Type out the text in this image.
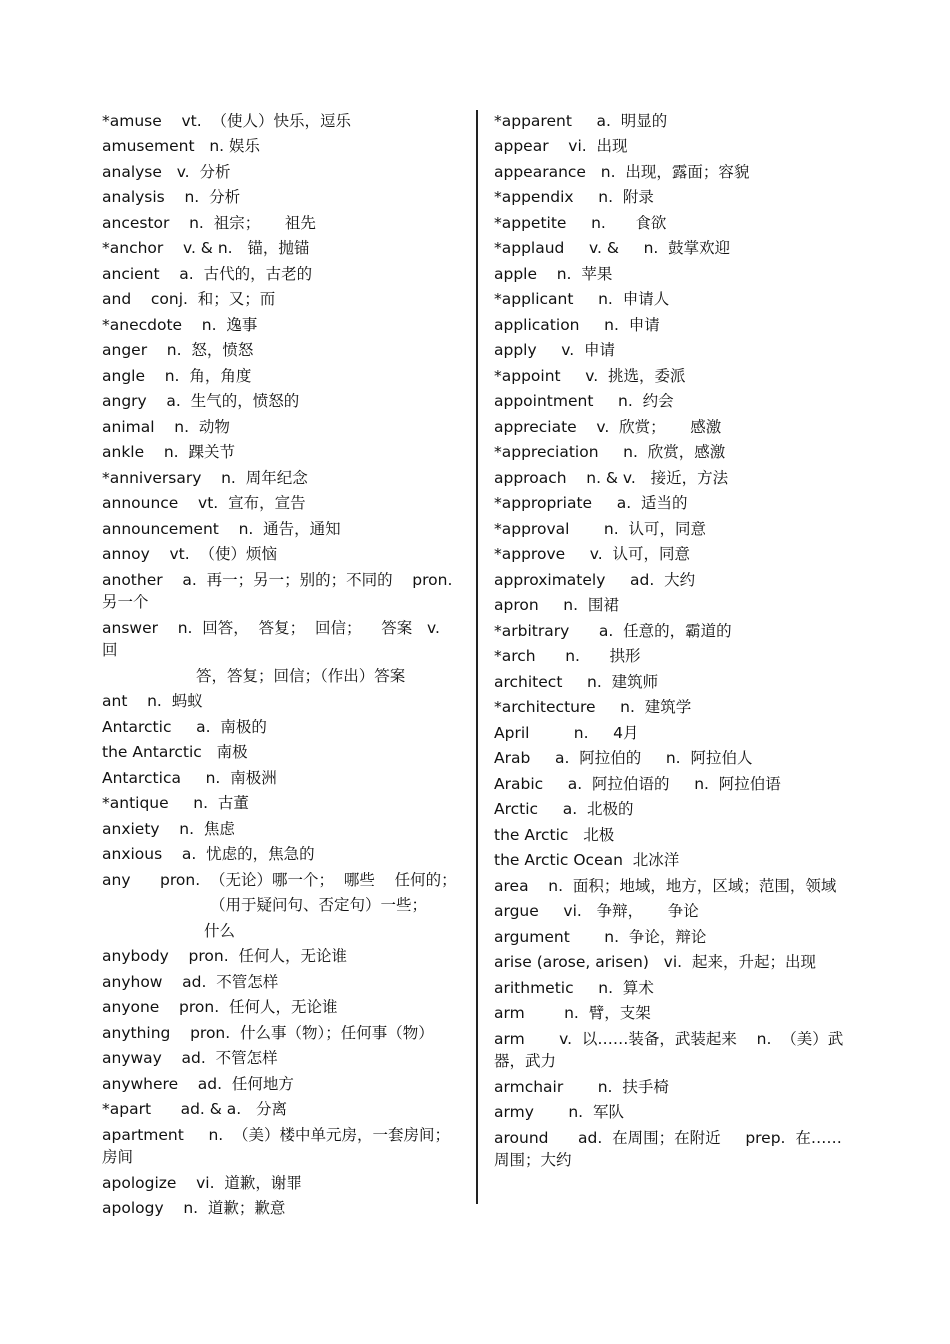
*amuse    vt.  （使人）快乐，逗乐
amusement   n. 娱乐
analyse   v.  分析
analysis    n.  分析
ancestor    n.  祖宗；     祖先
*anchor    v. & n.   锚，抛锚
ancient    a.  古代的，古老的
and    conj.  和；又；而
*anecdote    n.  逸事
anger    n.  怒，愤怒
angle    n.  角，角度
angry    a.  生气的，愤怒的
animal    n.  动物
ankle    n.  踝关节
*anniversary    n.  周年纪念
announce    vt.  宣布，宣告
announcement    n.  通告，通知
annoy    vt.  （使）烦恼
another    a.  再一；另一；别的；不同的    pron. 另一个
answer    n.  回答，  答复；  回信；    答案   v.   回
答，答复；回信；（作出）答案
ant    n.  蚂蚁
Antarctic     a.  南极的
the Antarctic   南极
Antarctica     n.  南极洲
*antique     n.  古董
anxiety    n.  焦虑
anxious    a.  忧虑的，焦急的
any      pron.  （无论）哪一个；  哪些    任何的；
（用于疑问句、否定句）一些；
什么
anybody    pron.  任何人，无论谁
anyhow    ad.  不管怎样
anyone    pron.  任何人，无论谁
anything    pron.  什么事（物）；任何事（物）
anyway    ad.  不管怎样
anywhere    ad.  任何地方
*apart      ad. & a.   分离
apartment     n.  （美）楼中单元房，一套房间；房间
apologize    vi.  道歉，谢罪
apology    n.  道歉；歉意
*apparent     a.  明显的
appear    vi.  出现
appearance   n.  出现，露面；容貌
*appendix     n.  附录
*appetite     n.      食欲
*applaud     v. &     n.  鼓掌欢迎
apple    n.  苹果
*applicant     n.  申请人
application     n.  申请
apply     v.  申请
*appoint     v.  挑选，委派
appointment     n.  约会
appreciate    v.  欣赏；     感激
*appreciation     n.  欣赏，感激
approach    n. & v.   接近，方法
*appropriate     a.  适当的
*approval       n.  认可，同意
*approve     v.  认可，同意
approximately     ad.  大约
apron     n.  围裙
*arbitrary      a.  任意的，霸道的
*arch      n.      拱形
architect     n.  建筑师
*architecture     n.  建筑学
April         n.     4月
Arab     a.  阿拉伯的     n.  阿拉伯人
Arabic     a.  阿拉伯语的     n.  阿拉伯语
Arctic     a.  北极的
the Arctic   北极
the Arctic Ocean  北冰洋
area    n.  面积；地域，地方，区域；范围，领域
argue     vi.   争辩，     争论
argument       n.  争论，辩论
arise (arose, arisen)   vi.  起来，升起；出现
arithmetic     n.  算术
arm        n.  臂，支架
arm       v.  以……装备，武装起来    n.  （美）武器，武力
armchair       n.  扶手椅
army       n.  军队
around      ad.  在周围；在附近     prep.  在……周围；大约
